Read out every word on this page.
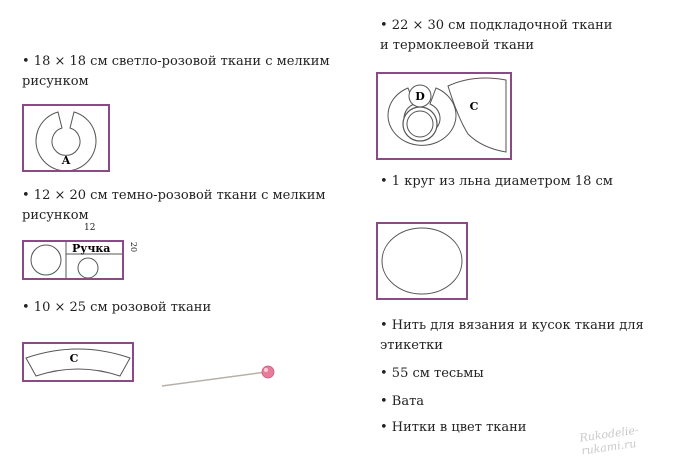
• 18 × 18 см светло-розовой ткани с мелким
рисунком
A
• 12 × 20 см темно-розовой ткани с мелким
рисунком
Ручка
12
20
• 10 × 25 см розовой ткани
C
• 22 × 30 см подкладочной ткани
и термоклеевой ткани
D
C
• 1 круг из льна диаметром 18 см
• Нить для вязания и кусок ткани для
этикетки
• 55 см тесьмы
• Вата
• Нитки в цвет ткани	Rukodelie-rukami.ru
